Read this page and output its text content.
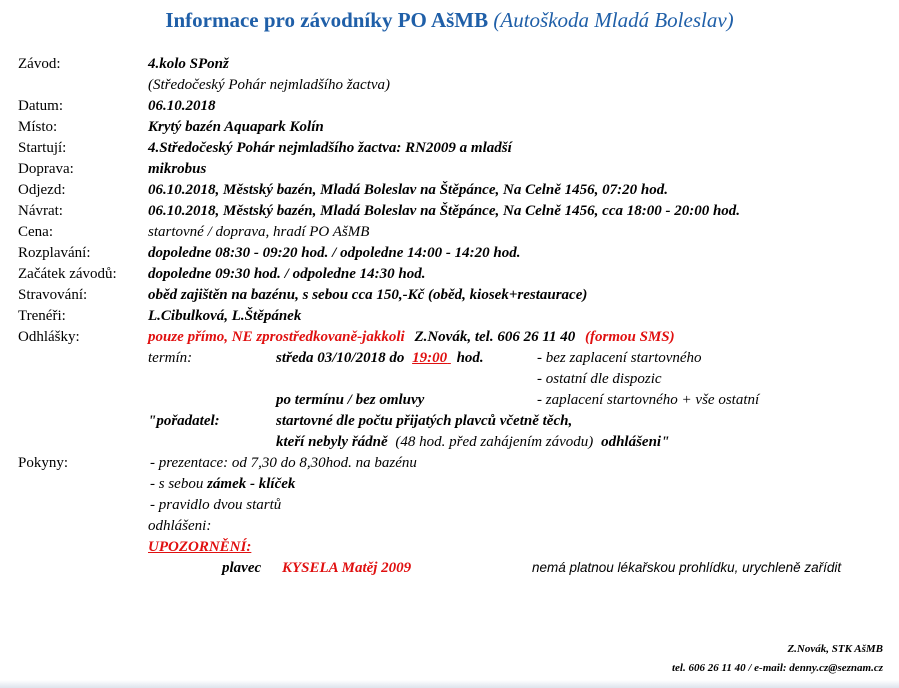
Informace pro závodníky PO AšMB (Autoškoda Mladá Boleslav)
Závod:	4.kolo SPonž
(Středočeský Pohár nejmladšího žactva)
Datum:	06.10.2018
Místo:	Krytý bazén Aquapark Kolín
Startují:	4.Středočeský Pohár nejmladšího žactva: RN2009 a mladší
Doprava:	mikrobus
Odjezd:	06.10.2018, Městský bazén, Mladá Boleslav na Štěpánce, Na Celně 1456, 07:20 hod.
Návrat:	06.10.2018, Městský bazén, Mladá Boleslav na Štěpánce, Na Celně 1456, cca 18:00 - 20:00 hod.
Cena:	startovné / doprava, hradí PO AšMB
Rozplavání:	dopoledne 08:30 - 09:20 hod. / odpoledne 14:00 - 14:20 hod.
Začátek závodů: dopoledne 09:30 hod. / odpoledne 14:30 hod.
Stravování:	oběd zajištěn na bazénu, s sebou cca 150,-Kč (oběd, kiosek+restaurace)
Trenéři:	L.Cibulková, L.Štěpánek
Odhlášky:	pouze přímo, NE zprostředkovaně-jakkoli Z.Novák, tel. 606 26 11 40 (formou SMS)
termín:	středa 03/10/2018 do 19:00 hod.	- bez zaplacení startovného
- ostatní dle dispozic
po termínu / bez omluvy	- zaplacení startovného + vše ostatní
"pořadatel:	startovné dle počtu přijatých plavců včetně těch,
kteří nebyly řádně (48 hod. před zahájením závodu) odhlášeni"
Pokyny:	- prezentace: od 7,30 do 8,30hod. na bazénu
- s sebou zámek - klíček
- pravidlo dvou startů
odhlášeni:
UPOZORNĚNÍ:
plavec KYSELA Matěj 2009	nemá platnou lékařskou prohlídku, urychleně zařídit
Z.Novák, STK AšMB
tel. 606 26 11 40 / e-mail: denny.cz@seznam.cz
